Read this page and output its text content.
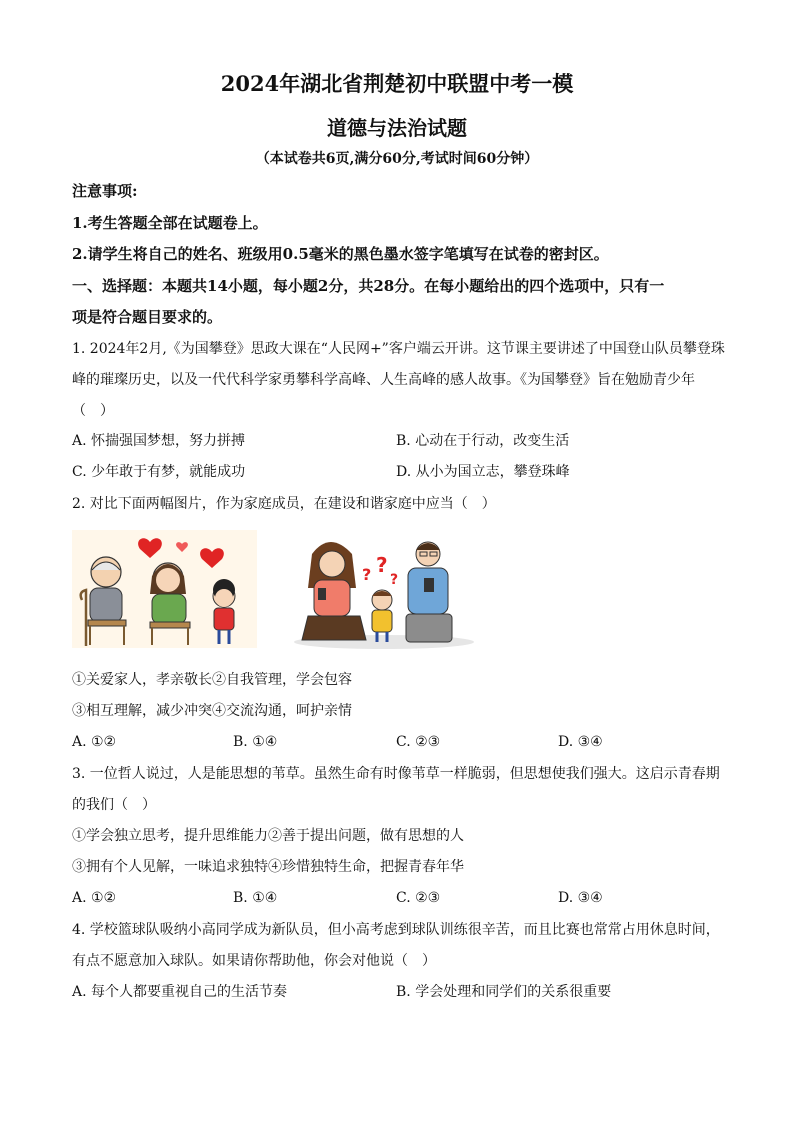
2024年湖北省荆楚初中联盟中考一模
道德与法治试题
（本试卷共6页,满分60分,考试时间60分钟）
注意事项:
1.考生答题全部在试题卷上。
2.请学生将自己的姓名、班级用0.5毫米的黑色墨水签字笔填写在试卷的密封区。
一、选择题：本题共14小题，每小题2分，共28分。在每小题给出的四个选项中，只有一
项是符合题目要求的。
1. 2024年2月,《为国攀登》思政大课在“人民网+”客户端云开讲。这节课主要讲述了中国登山队员攀登珠
峰的璀璨历史，以及一代代科学家勇攀科学高峰、人生高峰的感人故事。《为国攀登》旨在勉励青少年
（　）
A. 怀揣强国梦想，努力拼搏	B. 心动在于行动，改变生活
C. 少年敢于有梦，就能成功	D. 从小为国立志，攀登珠峰
2. 对比下面两幅图片，作为家庭成员，在建设和谐家庭中应当（　）
? ?
?
①关爱家人，孝亲敬长②自我管理，学会包容
③相互理解，减少冲突④交流沟通，呵护亲情
A. ①②	B. ①④	C. ②③	D. ③④
3. 一位哲人说过，人是能思想的苇草。虽然生命有时像苇草一样脆弱，但思想使我们强大。这启示青春期
的我们（　）
①学会独立思考，提升思维能力②善于提出问题，做有思想的人
③拥有个人见解，一味追求独特④珍惜独特生命，把握青春年华
A. ①②	B. ①④	C. ②③	D. ③④
4. 学校篮球队吸纳小高同学成为新队员，但小高考虑到球队训练很辛苦，而且比赛也常常占用休息时间，
有点不愿意加入球队。如果请你帮助他，你会对他说（　）
A. 每个人都要重视自己的生活节奏	B. 学会处理和同学们的关系很重要
